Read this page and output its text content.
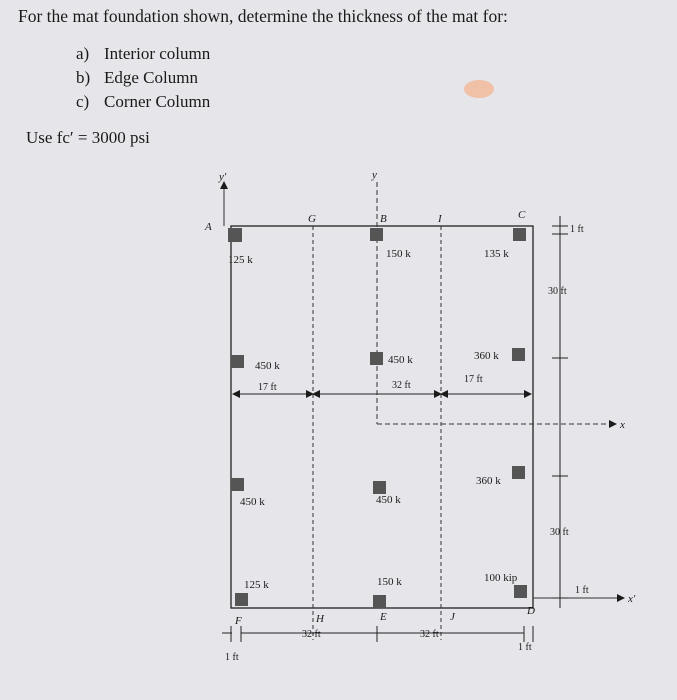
For the mat foundation shown, determine the thickness of the mat for:
a) Interior column
b) Edge Column
c) Corner Column
Use fc′ = 3000 psi
A
G	B	I	C
F	H	E	J	D
y′	y
x
x′
125 k	150 k	135 k
450 k	450 k	360 k
450 k	450 k
360 k
125 k	150 k	100 kip
17 ft	32 ft
17 ft
32 ft	32 ft
1 ft
1 ft
1 ft
1 ft
30 ft
30 ft
